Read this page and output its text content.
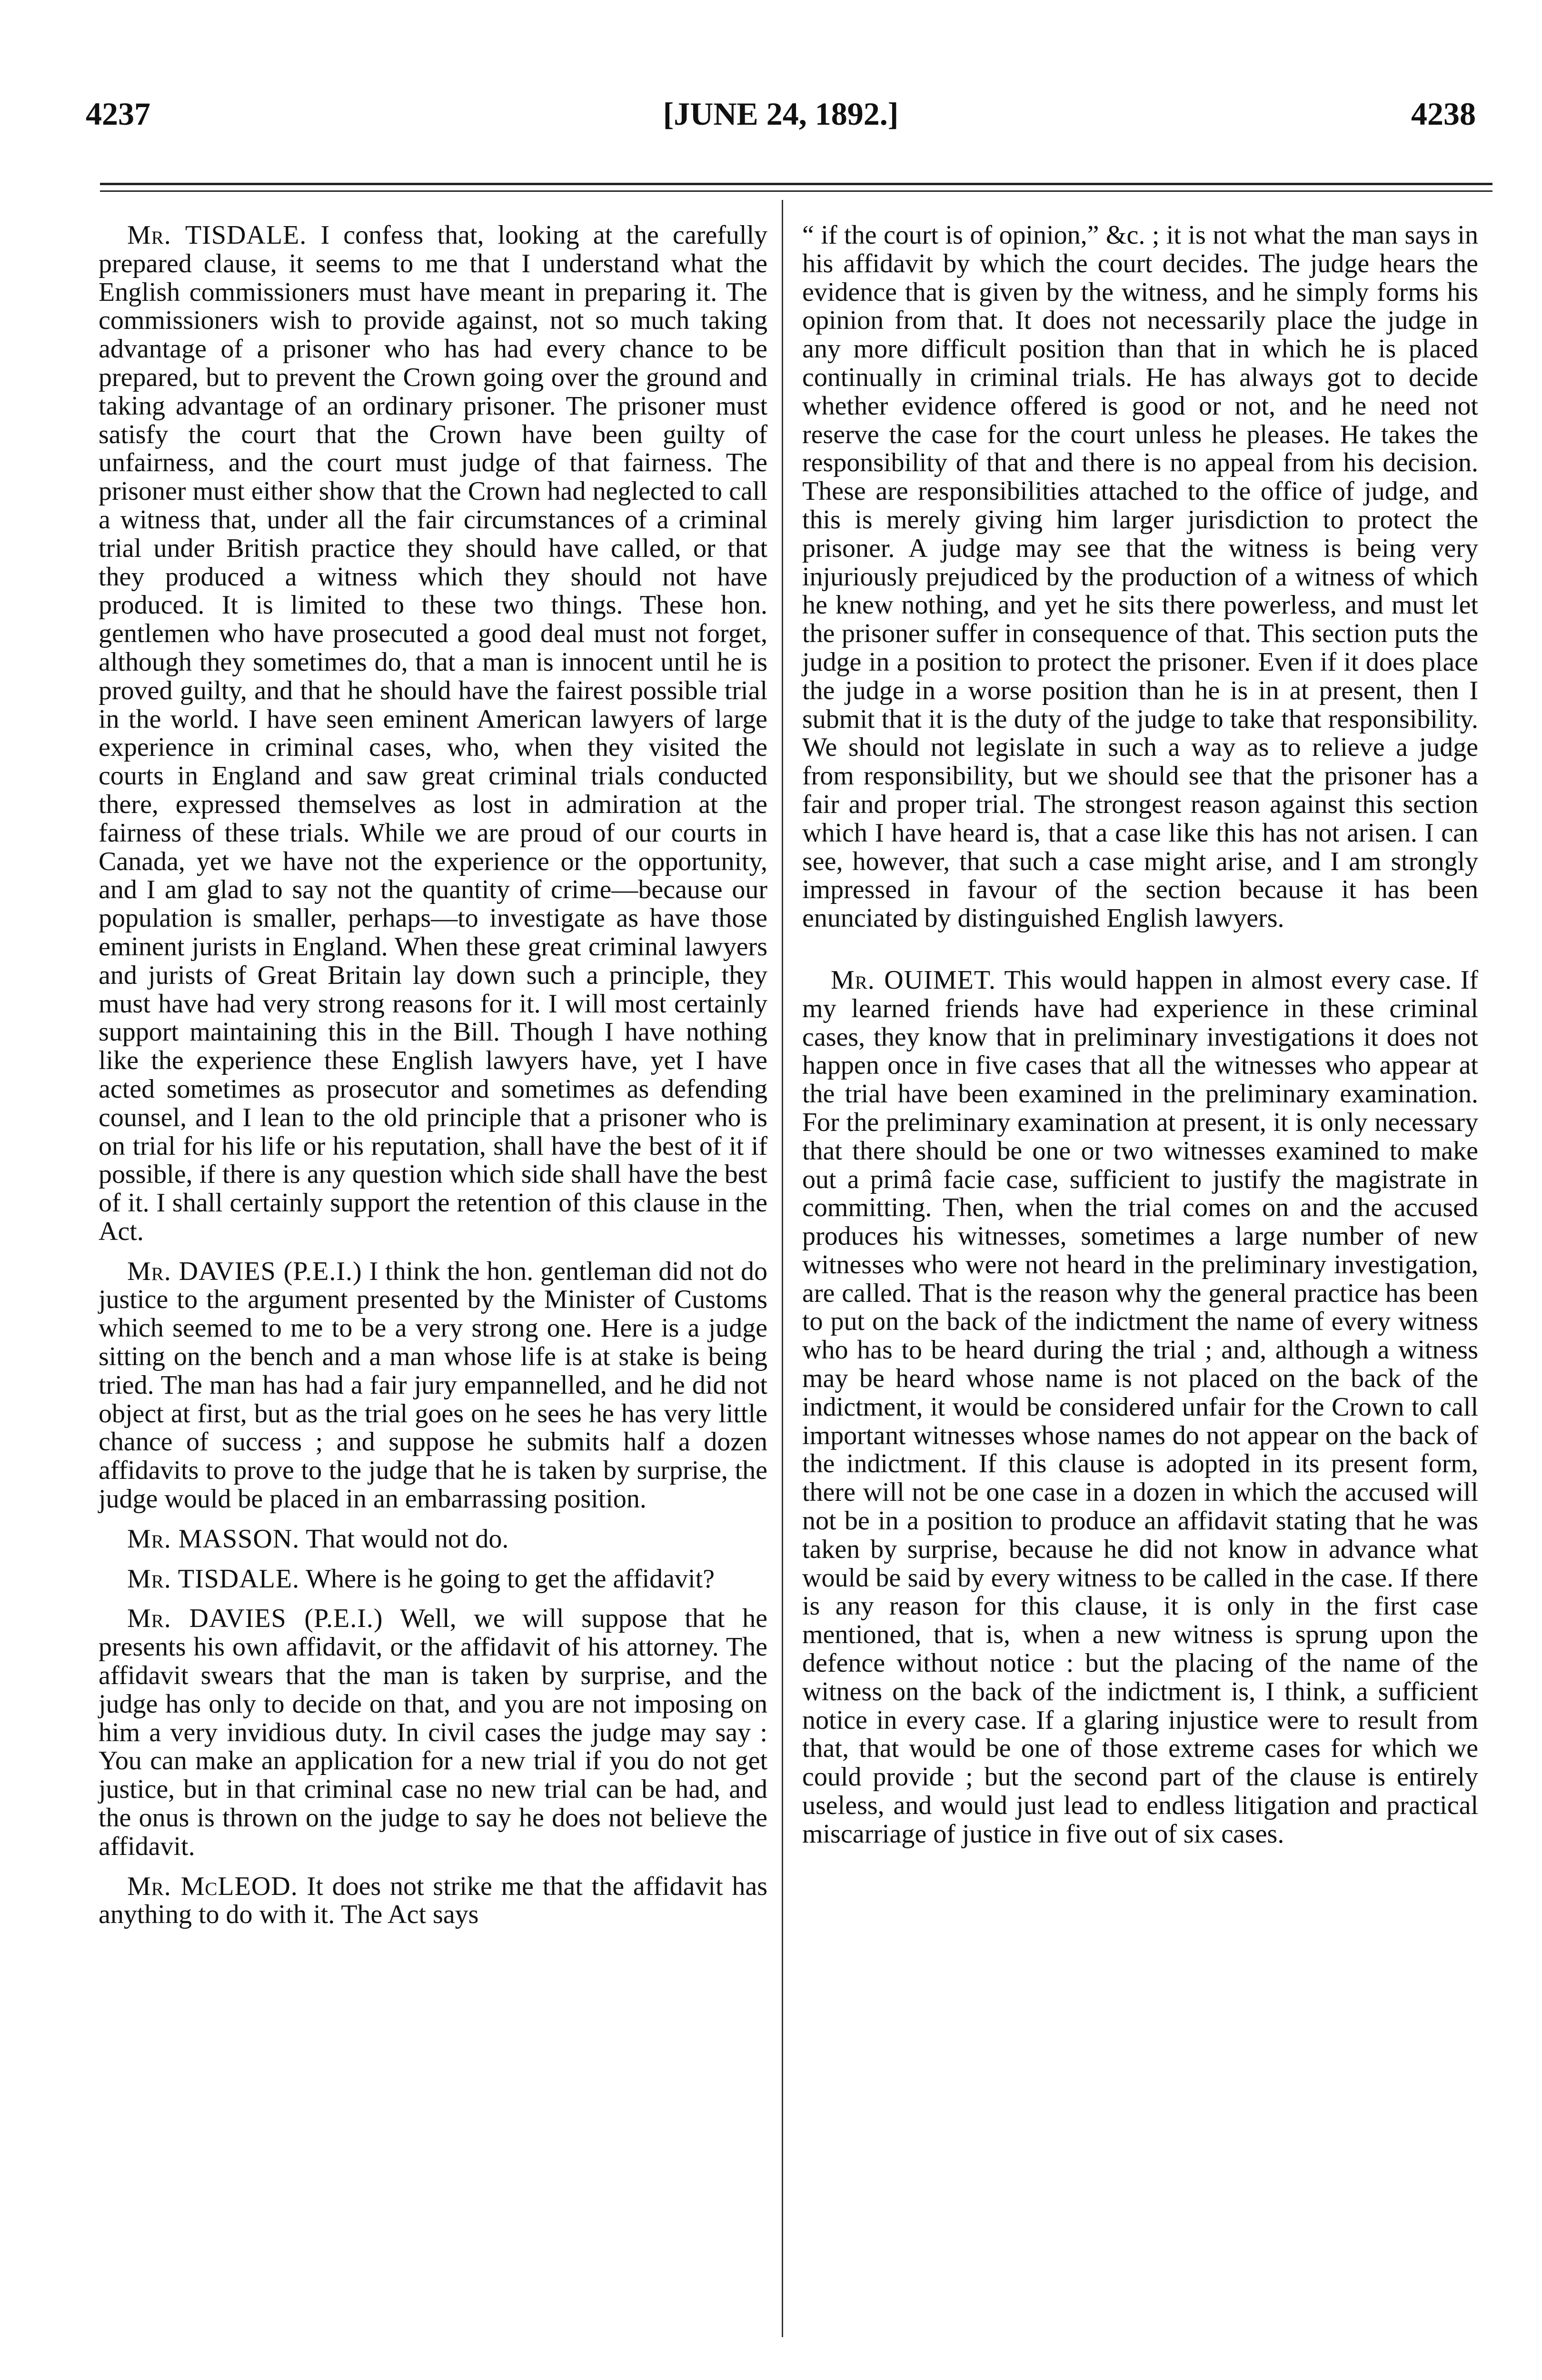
4237	[JUNE 24, 1892.]	4238

Mr. TISDALE. I confess that, looking at the carefully prepared clause, it seems to me that I understand what the English commissioners must have meant in preparing it. The commissioners wish to provide against, not so much taking advantage of a prisoner who has had every chance to be prepared, but to prevent the Crown going over the ground and taking advantage of an ordinary prisoner. The prisoner must satisfy the court that the Crown have been guilty of unfairness, and the court must judge of that fairness. The prisoner must either show that the Crown had neglected to call a witness that, under all the fair circumstances of a criminal trial under British practice they should have called, or that they produced a witness which they should not have produced. It is limited to these two things. These hon. gentlemen who have prosecuted a good deal must not forget, although they sometimes do, that a man is innocent until he is proved guilty, and that he should have the fairest possible trial in the world. I have seen eminent American lawyers of large experience in criminal cases, who, when they visited the courts in England and saw great criminal trials conducted there, expressed themselves as lost in admiration at the fairness of these trials. While we are proud of our courts in Canada, yet we have not the experience or the opportunity, and I am glad to say not the quantity of crime—because our population is smaller, perhaps—to investigate as have those eminent jurists in England. When these great criminal lawyers and jurists of Great Britain lay down such a principle, they must have had very strong reasons for it. I will most certainly support maintaining this in the Bill. Though I have nothing like the experience these English lawyers have, yet I have acted sometimes as prosecutor and sometimes as defending counsel, and I lean to the old principle that a prisoner who is on trial for his life or his reputation, shall have the best of it if possible, if there is any question which side shall have the best of it. I shall certainly support the retention of this clause in the Act.

Mr. DAVIES (P.E.I.) I think the hon. gentleman did not do justice to the argument presented by the Minister of Customs which seemed to me to be a very strong one. Here is a judge sitting on the bench and a man whose life is at stake is being tried. The man has had a fair jury empannelled, and he did not object at first, but as the trial goes on he sees he has very little chance of success ; and suppose he submits half a dozen affidavits to prove to the judge that he is taken by surprise, the judge would be placed in an embarrassing position.

Mr. MASSON. That would not do.

Mr. TISDALE. Where is he going to get the affidavit?

Mr. DAVIES (P.E.I.) Well, we will suppose that he presents his own affidavit, or the affidavit of his attorney. The affidavit swears that the man is taken by surprise, and the judge has only to decide on that, and you are not imposing on him a very invidious duty. In civil cases the judge may say : You can make an application for a new trial if you do not get justice, but in that criminal case no new trial can be had, and the onus is thrown on the judge to say he does not believe the affidavit.

Mr. McLEOD. It does not strike me that the affidavit has anything to do with it. The Act says

“ if the court is of opinion,” &c. ; it is not what the man says in his affidavit by which the court decides. The judge hears the evidence that is given by the witness, and he simply forms his opinion from that. It does not necessarily place the judge in any more difficult position than that in which he is placed continually in criminal trials. He has always got to decide whether evidence offered is good or not, and he need not reserve the case for the court unless he pleases. He takes the responsibility of that and there is no appeal from his decision. These are responsibilities attached to the office of judge, and this is merely giving him larger jurisdiction to protect the prisoner. A judge may see that the witness is being very injuriously prejudiced by the production of a witness of which he knew nothing, and yet he sits there powerless, and must let the prisoner suffer in consequence of that. This section puts the judge in a position to protect the prisoner. Even if it does place the judge in a worse position than he is in at present, then I submit that it is the duty of the judge to take that responsibility. We should not legislate in such a way as to relieve a judge from responsibility, but we should see that the prisoner has a fair and proper trial. The strongest reason against this section which I have heard is, that a case like this has not arisen. I can see, however, that such a case might arise, and I am strongly impressed in favour of the section because it has been enunciated by distinguished English lawyers.

Mr. OUIMET. This would happen in almost every case. If my learned friends have had experience in these criminal cases, they know that in preliminary investigations it does not happen once in five cases that all the witnesses who appear at the trial have been examined in the preliminary examination. For the preliminary examination at present, it is only necessary that there should be one or two witnesses examined to make out a primâ facie case, sufficient to justify the magistrate in committing. Then, when the trial comes on and the accused produces his witnesses, sometimes a large number of new witnesses who were not heard in the preliminary investigation, are called. That is the reason why the general practice has been to put on the back of the indictment the name of every witness who has to be heard during the trial ; and, although a witness may be heard whose name is not placed on the back of the indictment, it would be considered unfair for the Crown to call important witnesses whose names do not appear on the back of the indictment. If this clause is adopted in its present form, there will not be one case in a dozen in which the accused will not be in a position to produce an affidavit stating that he was taken by surprise, because he did not know in advance what would be said by every witness to be called in the case. If there is any reason for this clause, it is only in the first case mentioned, that is, when a new witness is sprung upon the defence without notice : but the placing of the name of the witness on the back of the indictment is, I think, a sufficient notice in every case. If a glaring injustice were to result from that, that would be one of those extreme cases for which we could provide ; but the second part of the clause is entirely useless, and would just lead to endless litigation and practical miscarriage of justice in five out of six cases.
